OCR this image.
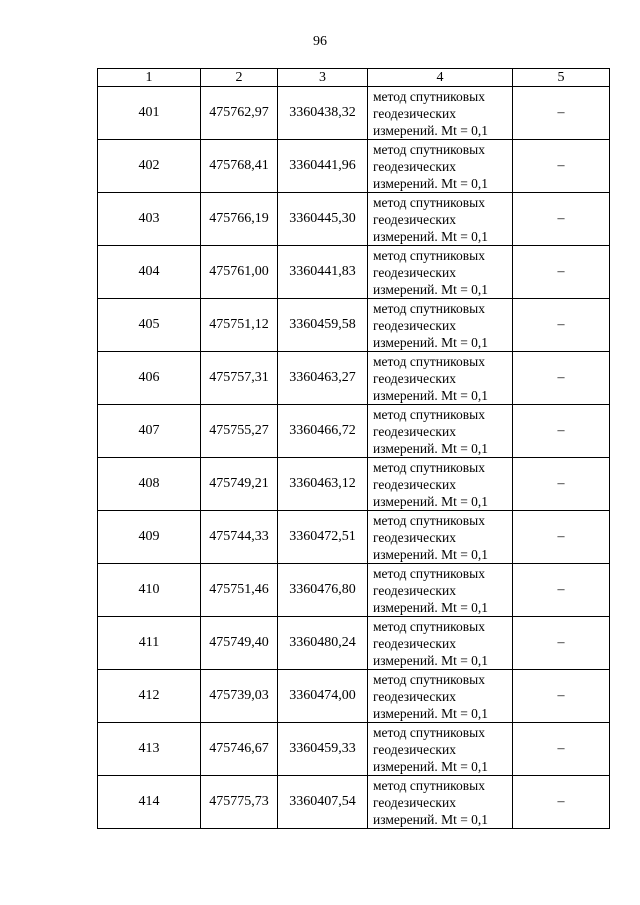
96
1	2	3	4	5
401	475762,97	3360438,32	метод спутниковых геодезических измерений. Mt = 0,1	–
402	475768,41	3360441,96	метод спутниковых геодезических измерений. Mt = 0,1	–
403	475766,19	3360445,30	метод спутниковых геодезических измерений. Mt = 0,1	–
404	475761,00	3360441,83	метод спутниковых геодезических измерений. Mt = 0,1	–
405	475751,12	3360459,58	метод спутниковых геодезических измерений. Mt = 0,1	–
406	475757,31	3360463,27	метод спутниковых геодезических измерений. Mt = 0,1	–
407	475755,27	3360466,72	метод спутниковых геодезических измерений. Mt = 0,1	–
408	475749,21	3360463,12	метод спутниковых геодезических измерений. Mt = 0,1	–
409	475744,33	3360472,51	метод спутниковых геодезических измерений. Mt = 0,1	–
410	475751,46	3360476,80	метод спутниковых геодезических измерений. Mt = 0,1	–
411	475749,40	3360480,24	метод спутниковых геодезических измерений. Mt = 0,1	–
412	475739,03	3360474,00	метод спутниковых геодезических измерений. Mt = 0,1	–
413	475746,67	3360459,33	метод спутниковых геодезических измерений. Mt = 0,1	–
414	475775,73	3360407,54	метод спутниковых геодезических измерений. Mt = 0,1	–
